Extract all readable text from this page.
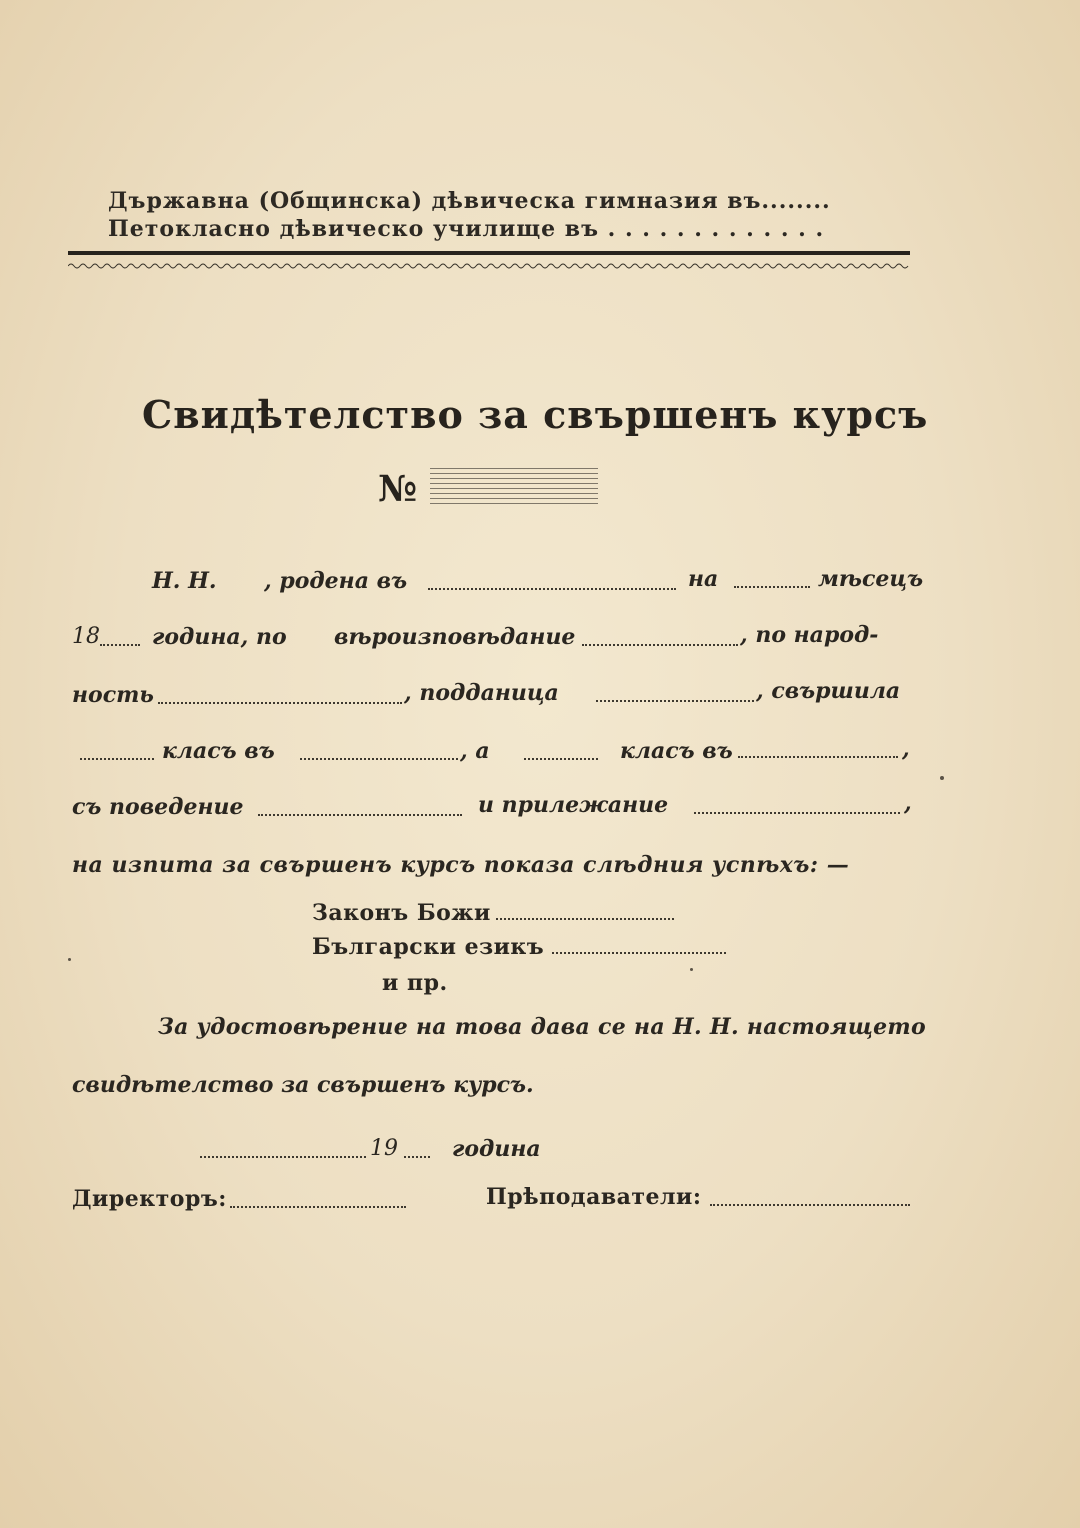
Държавна (Общинска) дѣвическа гимназия въ........
Петокласно дѣвическо училище въ . . . . . . . . . . . . .
Свидѣтелство за свършенъ курсъ
№
Н. Н. , родена въ	на	мѣсецъ
18 година, по вѣроизповѣдание	, по народ-
ность	, подданица	, свършила
класъ въ	, а	класъ въ	,
съ поведение	и прилежание	,
на изпита за свършенъ курсъ показа слѣдния успѣхъ: —
Законъ Божи
Български езикъ
и пр.
За удостовѣрение на това дава се на Н. Н. настоящето
свидѣтелство за свършенъ курсъ.
19 година
Директоръ:	Прѣподаватели:
